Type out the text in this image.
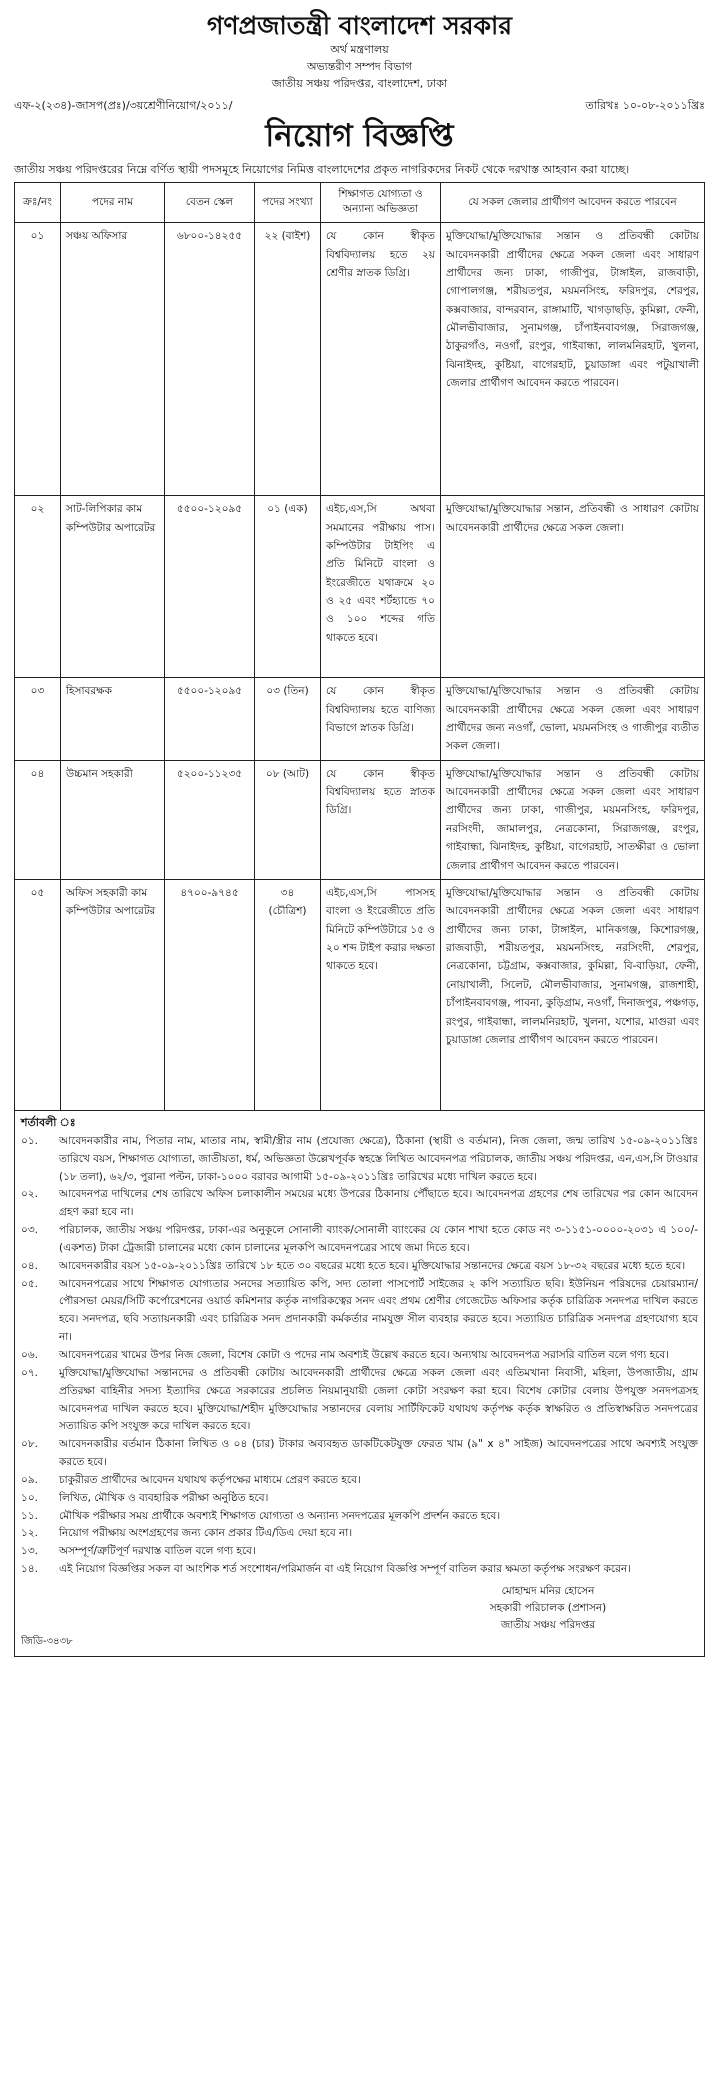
গণপ্রজাতন্ত্রী বাংলাদেশ সরকার
অর্থ মন্ত্রণালয়
অভ্যন্তরীণ সম্পদ বিভাগ
জাতীয় সঞ্চয় পরিদপ্তর, বাংলাদেশ, ঢাকা
এফ-২(২৩৪)-জাসপ(প্রঃ)/৩য়শ্রেণীনিয়োগ/২০১১/	তারিখঃ ১০-০৮-২০১১খ্রিঃ
নিয়োগ বিজ্ঞপ্তি
জাতীয় সঞ্চয় পরিদপ্তরের নিম্নে বর্ণিত স্থায়ী পদসমূহে নিয়োগের নিমিত্ত বাংলাদেশের প্রকৃত নাগরিকদের নিকট থেকে দরখাস্ত আহবান করা যাচ্ছে।
ক্রঃ/নং	পদের নাম	বেতন স্কেল	পদের সংখ্যা	শিক্ষাগত যোগ্যতা ও অন্যান্য অভিজ্ঞতা	যে সকল জেলার প্রার্থীগণ আবেদন করতে পারবেন
০১	সঞ্চয় অফিসার	৬৮০০-১৪২৫৫	২২ (বাইশ)	যে কোন স্বীকৃত বিশ্ববিদ্যালয় হতে ২য় শ্রেণীর স্নাতক ডিগ্রি।	মুক্তিযোদ্ধা/মুক্তিযোদ্ধার সন্তান ও প্রতিবন্ধী কোটায় আবেদনকারী প্রার্থীদের ক্ষেত্রে সকল জেলা এবং সাধারণ প্রার্থীদের জন্য ঢাকা, গাজীপুর, টাঙ্গাইল, রাজবাড়ী, গোপালগঞ্জ, শরীয়তপুর, ময়মনসিংহ, ফরিদপুর, শেরপুর, কক্সবাজার, বান্দরবান, রাঙ্গামাটি, খাগড়াছড়ি, কুমিল্লা, ফেনী, মৌলভীবাজার, সুনামগঞ্জ, চাঁপাইনবাবগঞ্জ, সিরাজগঞ্জ, ঠাকুরগাঁও, নওগাঁ, রংপুর, গাইবান্ধা, লালমনিরহাট, খুলনা, ঝিনাইদহ, কুষ্টিয়া, বাগেরহাট, চুয়াডাঙ্গা এবং পটুয়াখালী জেলার প্রার্থীগণ আবেদন করতে পারবেন।
০২	সাট-লিপিকার কাম কম্পিউটার অপারেটর	৫৫০০-১২০৯৫	০১ (এক)	এইচ,এস,সি অথবা সমমানের পরীক্ষায় পাস। কম্পিউটার টাইপিং এ প্রতি মিনিটে বাংলা ও ইংরেজীতে যথাক্রমে ২০ ও ২৫ এবং শর্টহ্যান্ডে ৭০ ও ১০০ শব্দের গতি থাকতে হবে।	মুক্তিযোদ্ধা/মুক্তিযোদ্ধার সন্তান, প্রতিবন্ধী ও সাধারণ কোটায় আবেদনকারী প্রার্থীদের ক্ষেত্রে সকল জেলা।
০৩	হিসাবরক্ষক	৫৫০০-১২০৯৫	০৩ (তিন)	যে কোন স্বীকৃত বিশ্ববিদ্যালয় হতে বাণিজ্য বিভাগে স্নাতক ডিগ্রি।	মুক্তিযোদ্ধা/মুক্তিযোদ্ধার সন্তান ও প্রতিবন্ধী কোটায় আবেদনকারী প্রার্থীদের ক্ষেত্রে সকল জেলা এবং সাধারণ প্রার্থীদের জন্য নওগাঁ, ভোলা, ময়মনসিংহ ও গাজীপুর ব্যতীত সকল জেলা।
০৪	উচ্চমান সহকারী	৫২০০-১১২৩৫	০৮ (আট)	যে কোন স্বীকৃত বিশ্ববিদ্যালয় হতে স্নাতক ডিগ্রি।	মুক্তিযোদ্ধা/মুক্তিযোদ্ধার সন্তান ও প্রতিবন্ধী কোটায় আবেদনকারী প্রার্থীদের ক্ষেত্রে সকল জেলা এবং সাধারণ প্রার্থীদের জন্য ঢাকা, গাজীপুর, ময়মনসিংহ, ফরিদপুর, নরসিংদী, জামালপুর, নেত্রকোনা, সিরাজগঞ্জ, রংপুর, গাইবান্ধা, ঝিনাইদহ, কুষ্টিয়া, বাগেরহাট, সাতক্ষীরা ও ভোলা জেলার প্রার্থীগণ আবেদন করতে পারবেন।
০৫	অফিস সহকারী কাম কম্পিউটার অপারেটর	৪৭০০-৯৭৪৫	৩৪ (চৌত্রিশ)	এইচ,এস,সি পাসসহ বাংলা ও ইংরেজীতে প্রতি মিনিটে কম্পিউটারে ১৫ ও ২০ শব্দ টাইপ করার দক্ষতা থাকতে হবে।	মুক্তিযোদ্ধা/মুক্তিযোদ্ধার সন্তান ও প্রতিবন্ধী কোটায় আবেদনকারী প্রার্থীদের ক্ষেত্রে সকল জেলা এবং সাধারণ প্রার্থীদের জন্য ঢাকা, টাঙ্গাইল, মানিকগঞ্জ, কিশোরগঞ্জ, রাজবাড়ী, শরীয়তপুর, ময়মনসিংহ, নরসিংদী, শেরপুর, নেত্রকোনা, চট্টগ্রাম, কক্সবাজার, কুমিল্লা, বি-বাড়িয়া, ফেনী, নোয়াখালী, সিলেট, মৌলভীবাজার, সুনামগঞ্জ, রাজশাহী, চাঁপাইনবাবগঞ্জ, পাবনা, কুড়িগ্রাম, নওগাঁ, দিনাজপুর, পঞ্চগড়, রংপুর, গাইবান্ধা, লালমনিরহাট, খুলনা, যশোর, মাগুরা এবং চুয়াডাঙ্গা জেলার প্রার্থীগণ আবেদন করতে পারবেন।
শর্তাবলী ঃ
০১.	আবেদনকারীর নাম, পিতার নাম, মাতার নাম, স্বামী/স্ত্রীর নাম (প্রযোজ্য ক্ষেত্রে), ঠিকানা (স্থায়ী ও বর্তমান), নিজ জেলা, জন্ম তারিখ ১৫-০৯-২০১১খ্রিঃ তারিখে বয়স, শিক্ষাগত যোগ্যতা, জাতীয়তা, ধর্ম, অভিজ্ঞতা উল্লেখপূর্বক স্বহস্তে লিখিত আবেদনপত্র পরিচালক, জাতীয় সঞ্চয় পরিদপ্তর, এন,এস,সি টাওয়ার (১৮ তলা), ৬২/৩, পুরানা পল্টন, ঢাকা-১০০০ বরাবর আগামী ১৫-০৯-২০১১খ্রিঃ তারিখের মধ্যে দাখিল করতে হবে।
০২.	আবেদনপত্র দাখিলের শেষ তারিখে অফিস চলাকালীন সময়ের মধ্যে উপরের ঠিকানায় পৌঁছাতে হবে। আবেদনপত্র গ্রহণের শেষ তারিখের পর কোন আবেদন গ্রহণ করা হবে না।
০৩.	পরিচালক, জাতীয় সঞ্চয় পরিদপ্তর, ঢাকা-এর অনুকূলে সোনালী ব্যাংক/সোনালী ব্যাংকের যে কোন শাখা হতে কোড নং ৩-১১৫১-০০০০-২০৩১ এ ১০০/- (একশত) টাকা ট্রেজারী চালানের মধ্যে কোন চালানের মূলকপি আবেদনপত্রের সাথে জমা দিতে হবে।
০৪.	আবেদনকারীর বয়স ১৫-০৯-২০১১খ্রিঃ তারিখে ১৮ হতে ৩০ বছরের মধ্যে হতে হবে। মুক্তিযোদ্ধার সন্তানদের ক্ষেত্রে বয়স ১৮-৩২ বছরের মধ্যে হতে হবে।
০৫.	আবেদনপত্রের সাথে শিক্ষাগত যোগ্যতার সনদের সত্যায়িত কপি, সদ্য তোলা পাসপোর্ট সাইজের ২ কপি সত্যায়িত ছবি। ইউনিয়ন পরিষদের চেয়ারম্যান/পৌরসভা মেয়র/সিটি কর্পোরেশনের ওয়ার্ড কমিশনার কর্তৃক নাগরিকত্বের সনদ এবং প্রথম শ্রেণীর গেজেটেড অফিসার কর্তৃক চারিত্রিক সনদপত্র দাখিল করতে হবে। সনদপত্র, ছবি সত্যায়নকারী এবং চারিত্রিক সনদ প্রদানকারী কর্মকর্তার নামযুক্ত সীল ব্যবহার করতে হবে। সত্যায়িত চারিত্রিক সনদপত্র গ্রহণযোগ্য হবে না।
০৬.	আবেদনপত্রের খামের উপর নিজ জেলা, বিশেষ কোটা ও পদের নাম অবশ্যই উল্লেখ করতে হবে। অন্যথায় আবেদনপত্র সরাসরি বাতিল বলে গণ্য হবে।
০৭.	মুক্তিযোদ্ধা/মুক্তিযোদ্ধা সন্তানদের ও প্রতিবন্ধী কোটায় আবেদনকারী প্রার্থীদের ক্ষেত্রে সকল জেলা এবং এতিমখানা নিবাসী, মহিলা, উপজাতীয়, গ্রাম প্রতিরক্ষা বাহিনীর সদস্য ইত্যাদির ক্ষেত্রে সরকারের প্রচলিত নিয়মানুযায়ী জেলা কোটা সংরক্ষণ করা হবে। বিশেষ কোটার বেলায় উপযুক্ত সনদপত্রসহ আবেদনপত্র দাখিল করতে হবে। মুক্তিযোদ্ধা/শহীদ মুক্তিযোদ্ধার সন্তানদের বেলায় সার্টিফিকেট যথাযথ কর্তৃপক্ষ কর্তৃক স্বাক্ষরিত ও প্রতিস্বাক্ষরিত সনদপত্রের সত্যায়িত কপি সংযুক্ত করে দাখিল করতে হবে।
০৮.	আবেদনকারীর বর্তমান ঠিকানা লিখিত ও ০৪ (চার) টাকার অব্যবহৃত ডাকটিকেটযুক্ত ফেরত খাম (৯" x ৪" সাইজ) আবেদনপত্রের সাথে অবশ্যই সংযুক্ত করতে হবে।
০৯.	চাকুরীরত প্রার্থীদের আবেদন যথাযথ কর্তৃপক্ষের মাধ্যমে প্রেরণ করতে হবে।
১০.	লিখিত, মৌখিক ও ব্যবহারিক পরীক্ষা অনুষ্ঠিত হবে।
১১.	মৌখিক পরীক্ষার সময় প্রার্থীকে অবশ্যই শিক্ষাগত যোগ্যতা ও অন্যান্য সনদপত্রের মূলকপি প্রদর্শন করতে হবে।
১২.	নিয়োগ পরীক্ষায় অংশগ্রহণের জন্য কোন প্রকার টিএ/ডিএ দেয়া হবে না।
১৩.	অসম্পূর্ণ/ত্রুটিপূর্ণ দরখাস্ত বাতিল বলে গণ্য হবে।
১৪.	এই নিয়োগ বিজ্ঞপ্তির সকল বা আংশিক শর্ত সংশোধন/পরিমার্জন বা এই নিয়োগ বিজ্ঞপ্তি সম্পূর্ণ বাতিল করার ক্ষমতা কর্তৃপক্ষ সংরক্ষণ করেন।
মোহাম্মদ মনির হোসেন
সহকারী পরিচালক (প্রশাসন)
জাতীয় সঞ্চয় পরিদপ্তর
জিডি-৩৪৩৮
